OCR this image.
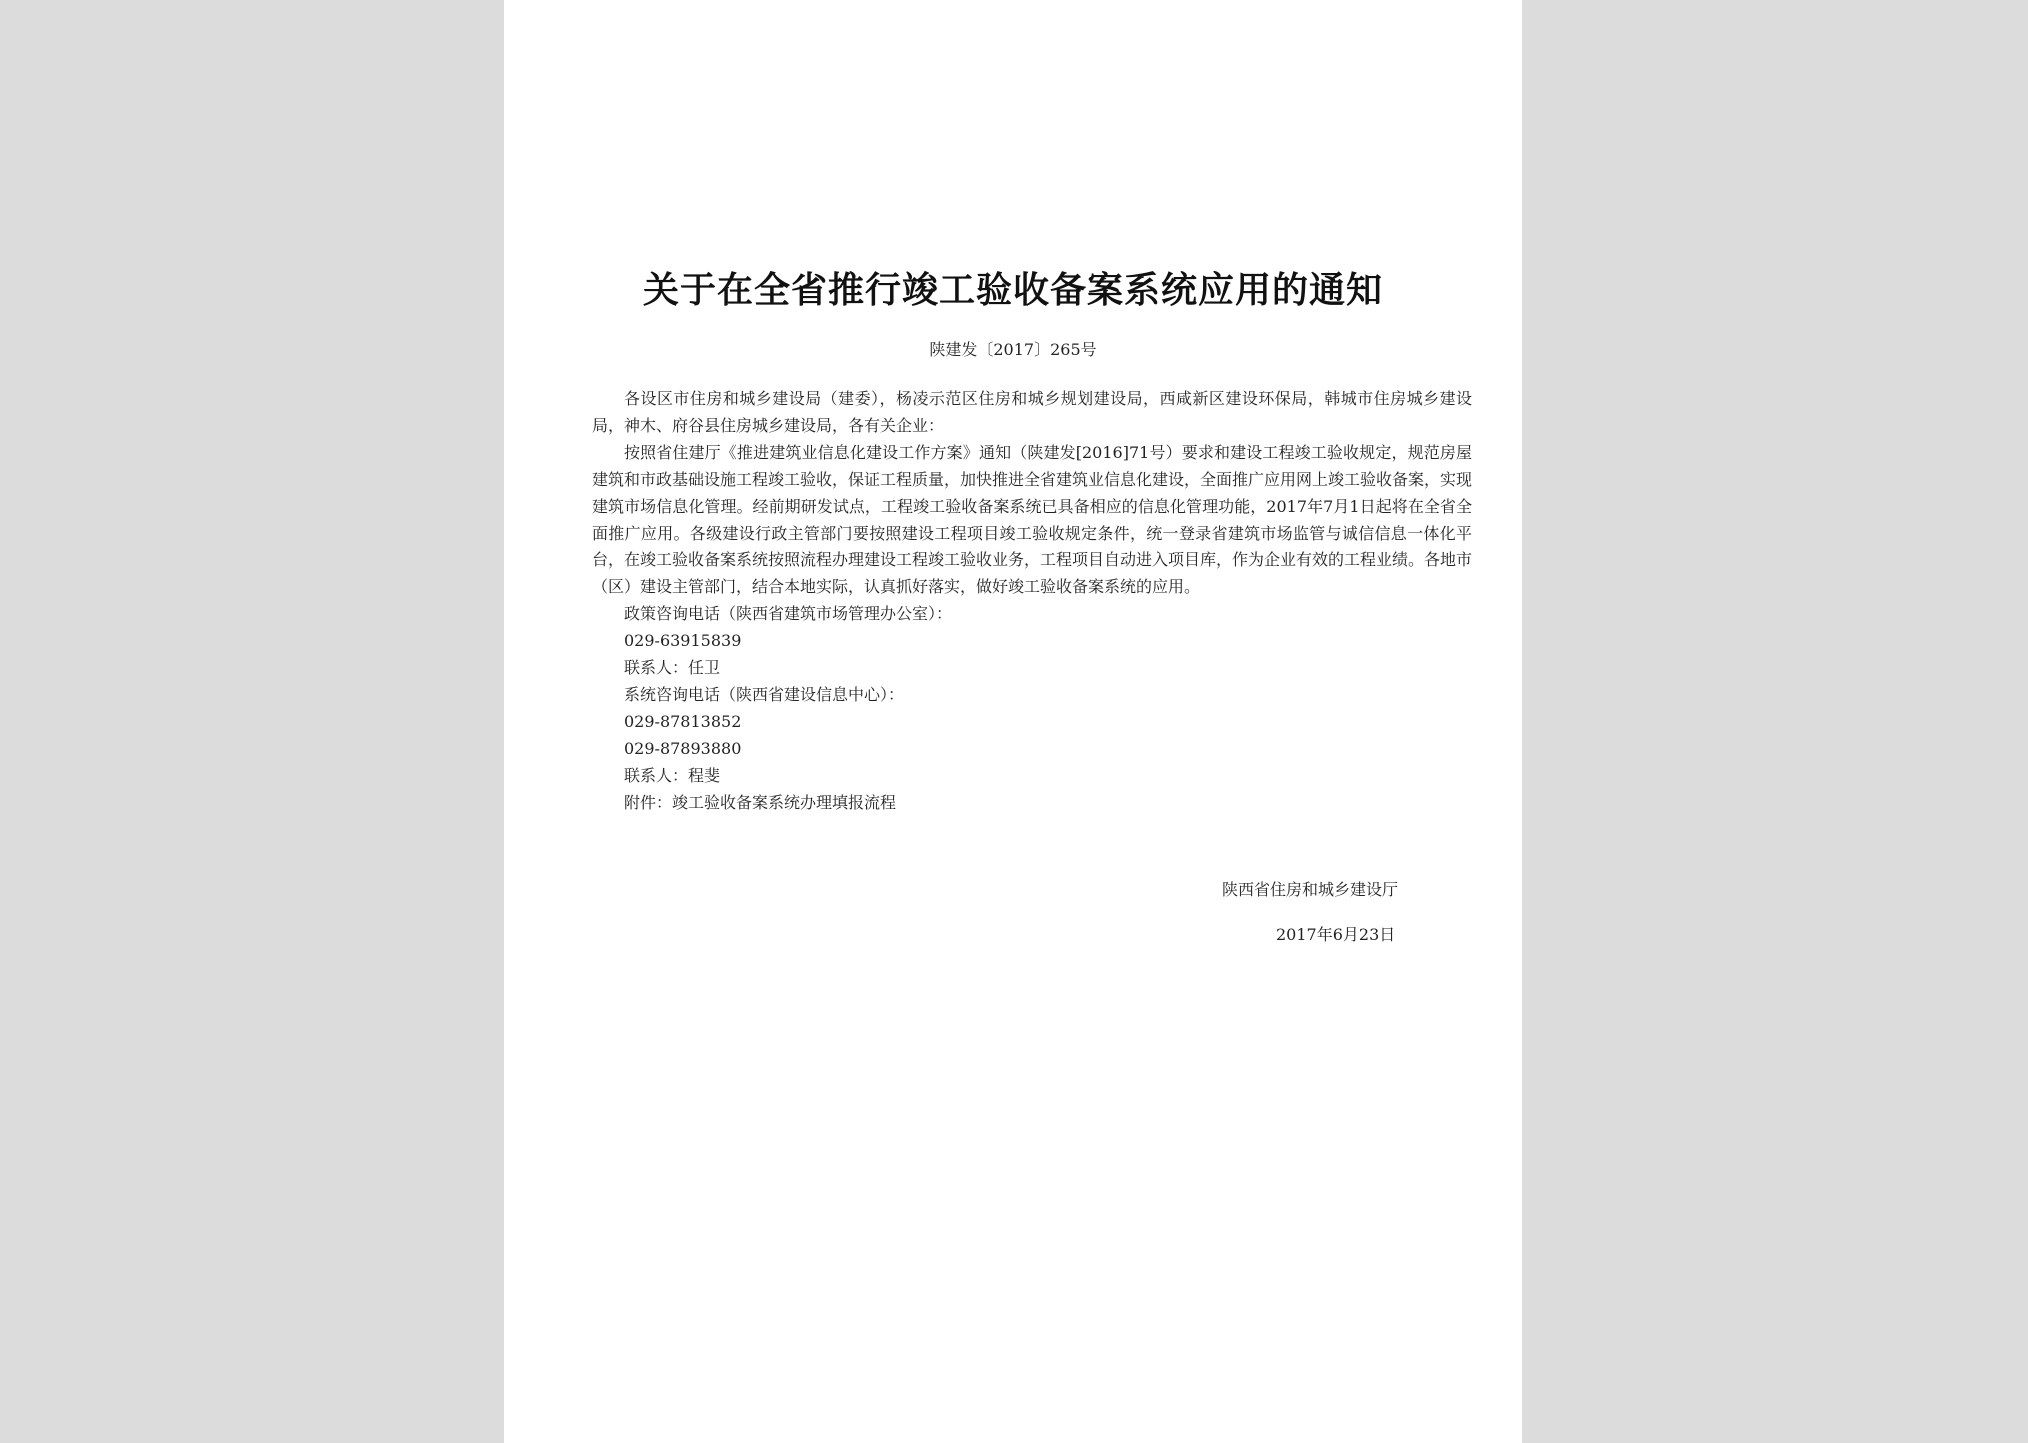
关于在全省推行竣工验收备案系统应用的通知
陕建发〔2017〕265号

各设区市住房和城乡建设局（建委），杨凌示范区住房和城乡规划建设局，西咸新区建设环保局，韩城市住房城乡建设局，神木、府谷县住房城乡建设局，各有关企业：

按照省住建厅《推进建筑业信息化建设工作方案》通知（陕建发[2016]71号）要求和建设工程竣工验收规定，规范房屋建筑和市政基础设施工程竣工验收，保证工程质量，加快推进全省建筑业信息化建设，全面推广应用网上竣工验收备案，实现建筑市场信息化管理。经前期研发试点，工程竣工验收备案系统已具备相应的信息化管理功能，2017年7月1日起将在全省全面推广应用。各级建设行政主管部门要按照建设工程项目竣工验收规定条件，统一登录省建筑市场监管与诚信信息一体化平台，在竣工验收备案系统按照流程办理建设工程竣工验收业务，工程项目自动进入项目库，作为企业有效的工程业绩。各地市（区）建设主管部门，结合本地实际，认真抓好落实，做好竣工验收备案系统的应用。

政策咨询电话（陕西省建筑市场管理办公室）：

029-63915839

联系人：任卫

系统咨询电话（陕西省建设信息中心）：

029-87813852

029-87893880

联系人：程斐

附件：竣工验收备案系统办理填报流程

陕西省住房和城乡建设厅
2017年6月23日
